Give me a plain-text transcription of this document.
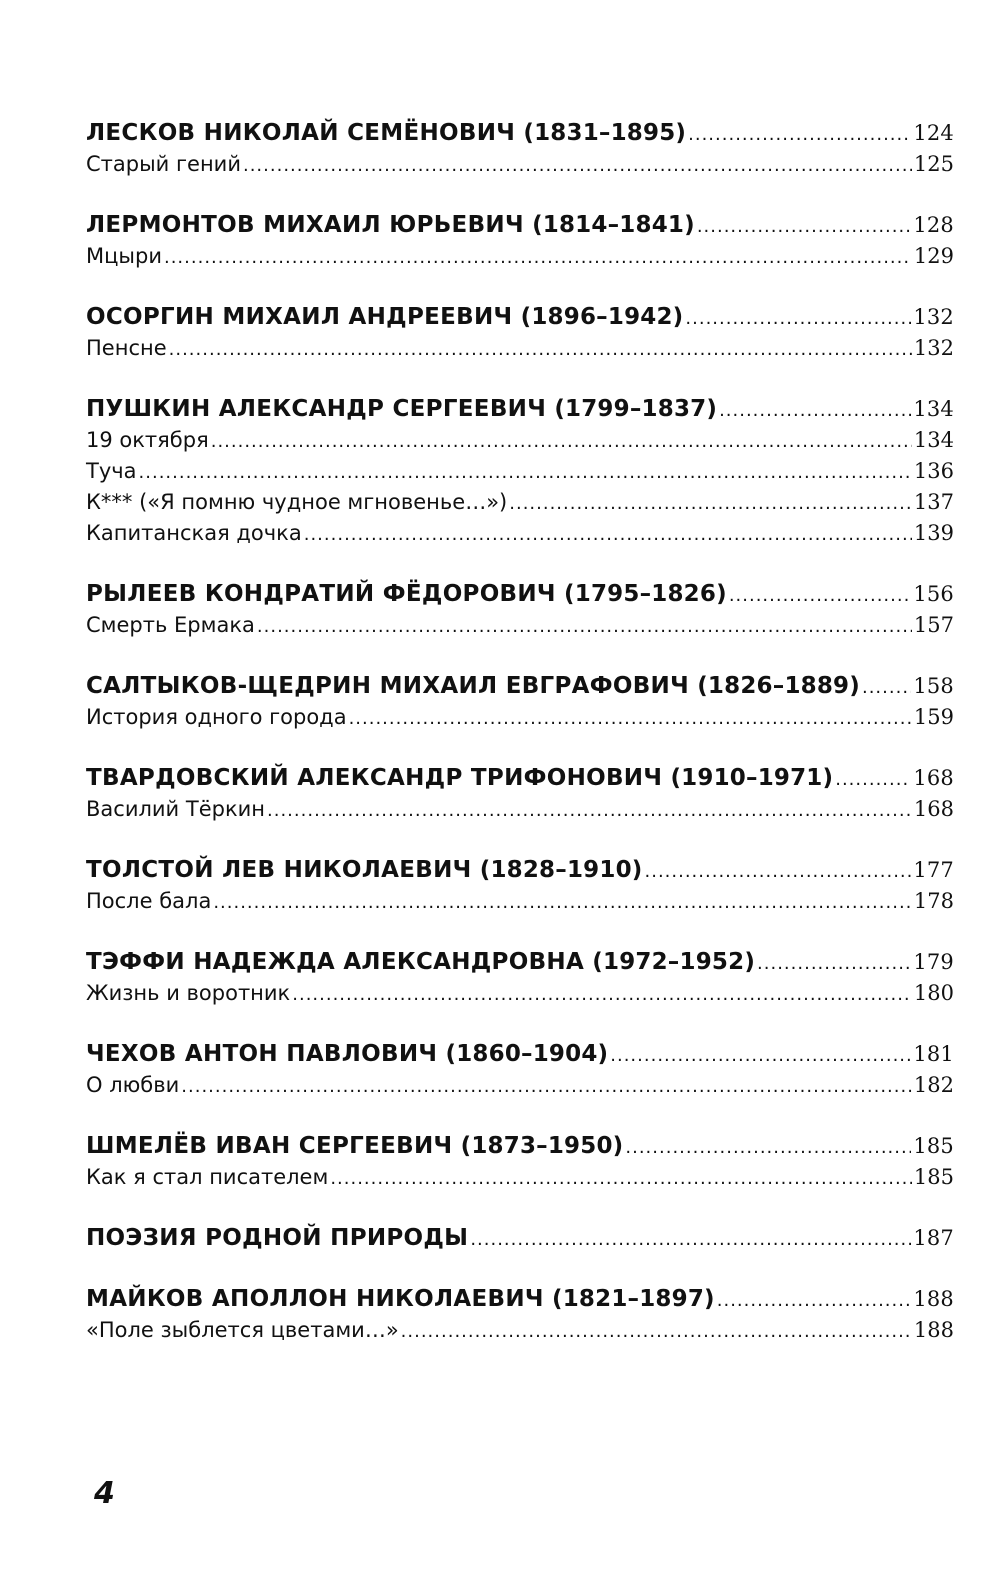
ЛЕСКОВ НИКОЛАЙ СЕМЁНОВИЧ (1831–1895) .....	124
Старый гений .....	125
ЛЕРМОНТОВ МИХАИЛ ЮРЬЕВИЧ (1814–1841) .....	128
Мцыри .....	129
ОСОРГИН МИХАИЛ АНДРЕЕВИЧ (1896–1942) .....	132
Пенсне .....	132
ПУШКИН АЛЕКСАНДР СЕРГЕЕВИЧ (1799–1837) .....	134
19 октября .....	134
Туча .....	136
К*** («Я помню чудное мгновенье…») .....	137
Капитанская дочка .....	139
РЫЛЕЕВ КОНДРАТИЙ ФЁДОРОВИЧ (1795–1826) .....	156
Смерть Ермака .....	157
САЛТЫКОВ-ЩЕДРИН МИХАИЛ ЕВГРАФОВИЧ (1826–1889) .....	158
История одного города .....	159
ТВАРДОВСКИЙ АЛЕКСАНДР ТРИФОНОВИЧ (1910–1971) .....	168
Василий Тёркин .....	168
ТОЛСТОЙ ЛЕВ НИКОЛАЕВИЧ (1828–1910) .....	177
После бала .....	178
ТЭФФИ НАДЕЖДА АЛЕКСАНДРОВНА (1972–1952) .....	179
Жизнь и воротник .....	180
ЧЕХОВ АНТОН ПАВЛОВИЧ (1860–1904) .....	181
О любви .....	182
ШМЕЛЁВ ИВАН СЕРГЕЕВИЧ (1873–1950) .....	185
Как я стал писателем .....	185
ПОЭЗИЯ РОДНОЙ ПРИРОДЫ .....	187
МАЙКОВ АПОЛЛОН НИКОЛАЕВИЧ (1821–1897) .....	188
«Поле зыблется цветами…» .....	188
4
